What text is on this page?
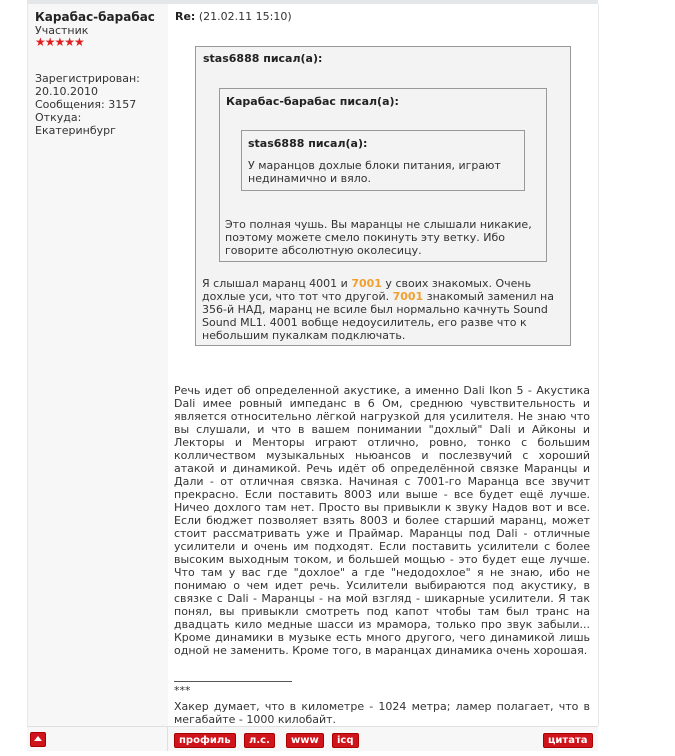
Карабас-барабас
Участник
★★★★★
Зарегистрирован:
20.10.2010
Сообщения: 3157
Откуда:
Екатеринбург
Re: (21.02.11 15:10)
stas6888 писал(а):
Я слышал маранц 4001 и 7001 у своих знакомых. Очень дохлые уси, что тот что другой. 7001 знакомый заменил на 356-й НАД, маранц не всиле был нормально качнуть Sound Sound ML1. 4001 вобще недоусилитель, его разве что к небольшим пукалкам подключать.
Карабас-барабас писал(а):
Это полная чушь. Вы маранцы не слышали никакие, поэтому можете смело покинуть эту ветку. Ибо говорите абсолютную околесицу.
stas6888 писал(а):
У маранцов дохлые блоки питания, играют нединамично и вяло.
Речь идет об определенной акустике, а именно Dali Ikon 5 - Акустика Dali имее ровный импеданс в 6 Ом, среднюю чувствительность и является относительно лёгкой нагрузкой для усилителя. Не знаю что вы слушали, и что в вашем понимании "дохлый" Dali и Айконы и Лекторы и Менторы играют отлично, ровно, тонко с большим колличеством музыкальных ньюансов и послезвучий с хороший атакой и динамикой. Речь идёт об определённой связке Маранцы и Дали - от отличная связка. Начиная с 7001-го Маранца все звучит прекрасно. Если поставить 8003 или выше - все будет ещё лучше. Ничео дохлого там нет. Просто вы привыкли к звуку Надов вот и все. Если бюджет позволяет взять 8003 и более старший маранц, может стоит рассматривать уже и Праймар. Маранцы под Dali - отличные усилители и очень им подходят. Если поставить усилители с более высоким выходным током, и большей мощью - это будет еще лучше. Что там у вас где "дохлое" а где "недодохлое" я не знаю, ибо не понимаю о чем идет речь. Усилители выбираются под акустику, в связке с Dali - Маранцы - на мой взгляд - шикарные усилители. Я так понял, вы привыкли смотреть под капот чтобы там был транс на двадцать кило медные шасси из мрамора, только про звук забыли... Кроме динамики в музыке есть много другого, чего динамикой лишь одной не заменить. Кроме того, в маранцах динамика очень хорошая.
***
Хакер думает, что в километре - 1024 метра; ламер полагает, что в мегабайте - 1000 килобайт.
профиль	л.с.	www	icq	цитата
